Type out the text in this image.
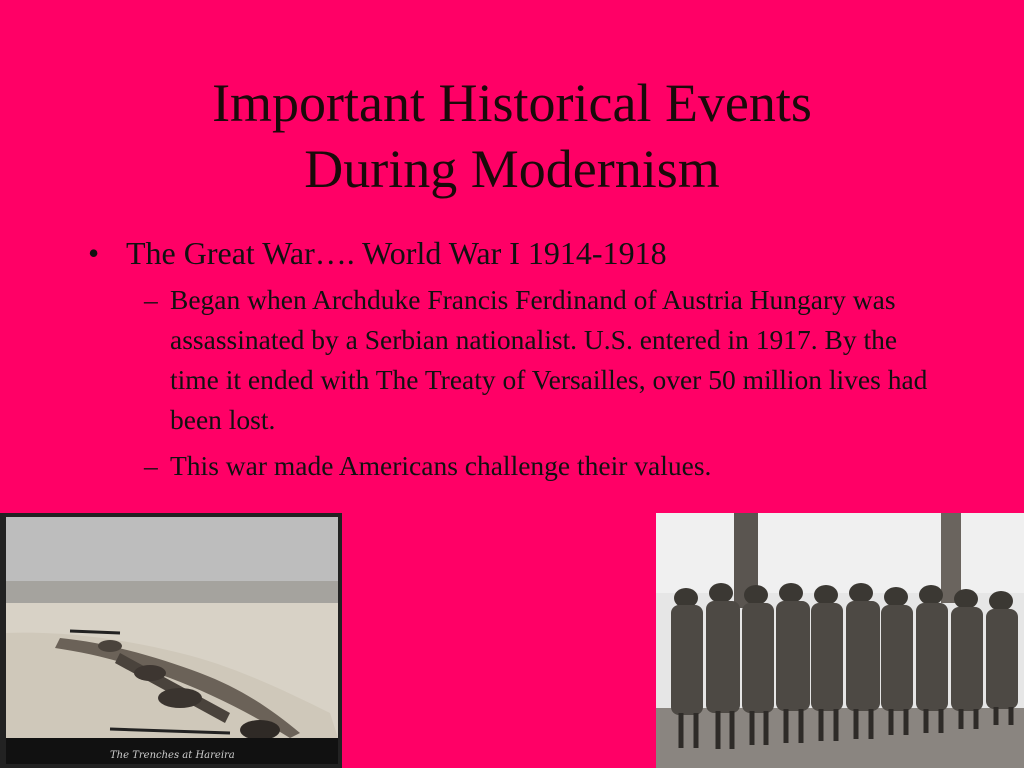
Important Historical Events
During Modernism
• The Great War…. World War I 1914-1918
– Began when Archduke Francis Ferdinand of Austria Hungary was assassinated by a Serbian nationalist. U.S. entered in 1917. By the time it ended with The Treaty of Versailles, over 50 million lives had been lost.
– This war made Americans challenge their values.
The Trenches at Hareira
